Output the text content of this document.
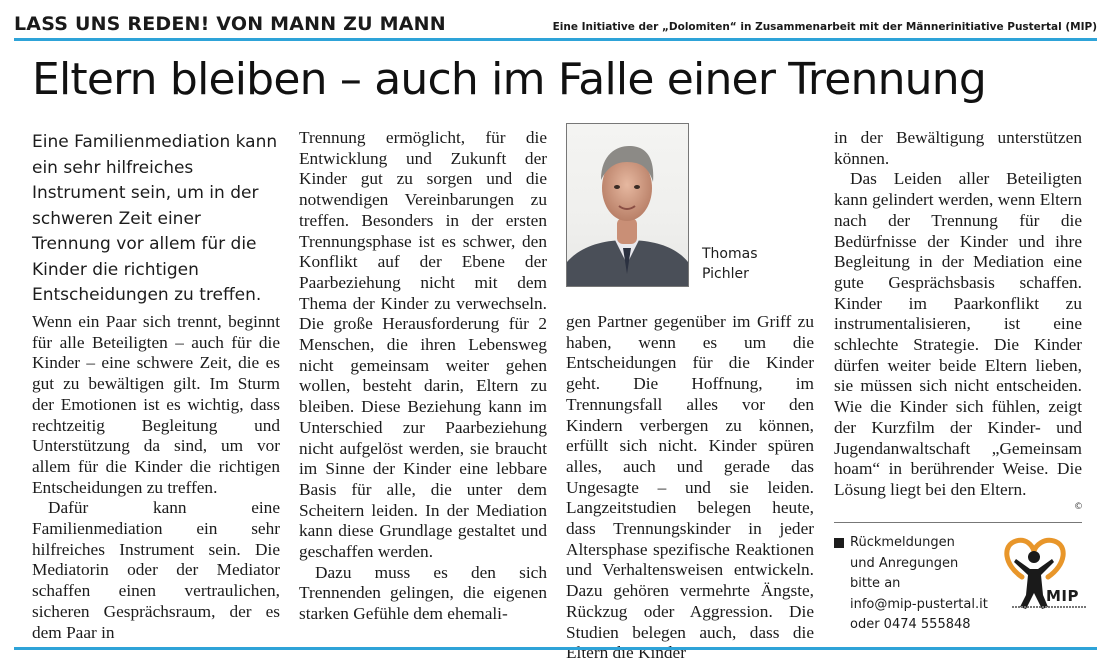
LASS UNS REDEN! VON MANN ZU MANN	Eine Initiative der „Dolomiten“ in Zusammenarbeit mit der Männerinitiative Pustertal (MIP)
Eltern bleiben – auch im Falle einer Trennung

Eine Familienmediation kann ein sehr hilfreiches Instrument sein, um in der schweren Zeit einer Trennung vor allem für die Kinder die richtigen Entscheidungen zu treffen.

Wenn ein Paar sich trennt, beginnt für alle Beteiligten – auch für die Kinder – eine schwere Zeit, die es gut zu bewältigen gilt. Im Sturm der Emotionen ist es wichtig, dass rechtzeitig Begleitung und Unterstützung da sind, um vor allem für die Kinder die richtigen Entscheidungen zu treffen.

Dafür kann eine Familienmediation ein sehr hilfreiches Instrument sein. Die Mediatorin oder der Mediator schaffen einen vertraulichen, sicheren Gesprächsraum, der es dem Paar in

Trennung ermöglicht, für die Entwicklung und Zukunft der Kinder gut zu sorgen und die notwendigen Vereinbarungen zu treffen. Besonders in der ersten Trennungsphase ist es schwer, den Konflikt auf der Ebene der Paarbeziehung nicht mit dem Thema der Kinder zu verwechseln. Die große Herausforderung für 2 Menschen, die ihren Lebensweg nicht gemeinsam weiter gehen wollen, besteht darin, Eltern zu bleiben. Diese Beziehung kann im Unterschied zur Paarbeziehung nicht aufgelöst werden, sie braucht im Sinne der Kinder eine lebbare Basis für alle, die unter dem Scheitern leiden. In der Mediation kann diese Grundlage gestaltet und geschaffen werden.

Dazu muss es den sich Trennenden gelingen, die eigenen starken Gefühle dem ehemali-

Thomas
Pichler

gen Partner gegenüber im Griff zu haben, wenn es um die Entscheidungen für die Kinder geht. Die Hoffnung, im Trennungsfall alles vor den Kindern verbergen zu können, erfüllt sich nicht. Kinder spüren alles, auch und gerade das Ungesagte – und sie leiden. Langzeitstudien belegen heute, dass Trennungskinder in jeder Altersphase spezifische Reaktionen und Verhaltensweisen entwickeln. Dazu gehören vermehrte Ängste, Rückzug oder Aggression. Die Studien belegen auch, dass die Eltern die Kinder

in der Bewältigung unterstützen können.

Das Leiden aller Beteiligten kann gelindert werden, wenn Eltern nach der Trennung für die Bedürfnisse der Kinder und ihre Begleitung in der Mediation eine gute Gesprächsbasis schaffen. Kinder im Paarkonflikt zu instrumentalisieren, ist eine schlechte Strategie. Die Kinder dürfen weiter beide Eltern lieben, sie müssen sich nicht entscheiden. Wie die Kinder sich fühlen, zeigt der Kurzfilm der Kinder- und Jugendanwaltschaft „Gemeinsam hoam“ in berührender Weise. Die Lösung liegt bei den Eltern.

©
Rückmeldungen
und Anregungen
bitte an
info@mip-pustertal.it
oder 0474 555848
MIP
